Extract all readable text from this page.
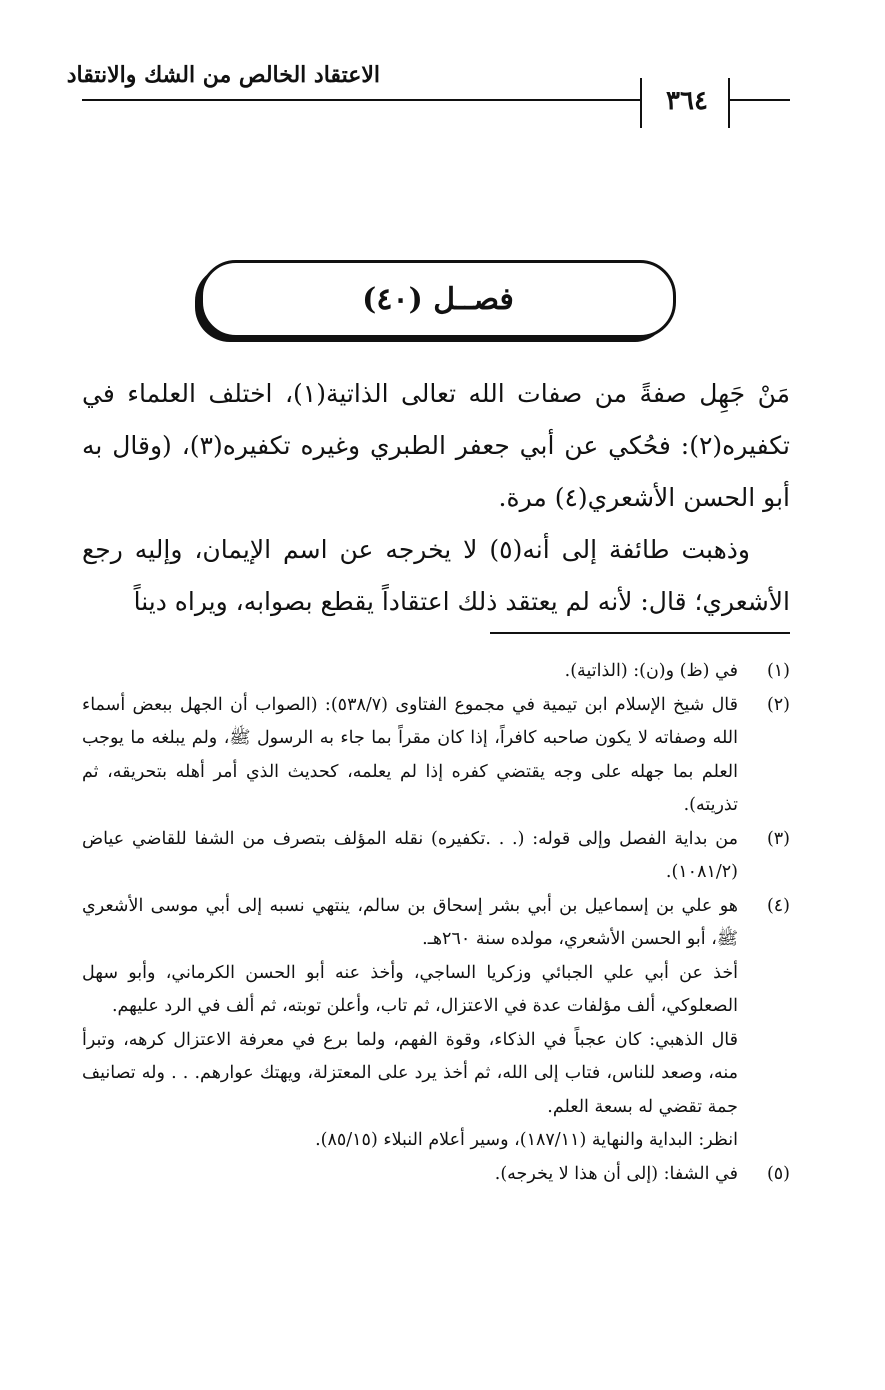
الاعتقاد الخالص من الشك والانتقاد
٣٦٤
فصــل (٤٠)

مَنْ جَهِل صفةً من صفات الله تعالى الذاتية(١)، اختلف العلماء في تكفيره(٢): فحُكي عن أبي جعفر الطبري وغيره تكفيره(٣)، (وقال به أبو الحسن الأشعري(٤) مرة.

وذهبت طائفة إلى أنه(٥) لا يخرجه عن اسم الإيمان، وإليه رجع الأشعري؛ قال: لأنه لم يعتقد ذلك اعتقاداً يقطع بصوابه، ويراه ديناً

(١)

في (ظ) و(ن): (الذاتية).

(٢)

قال شيخ الإسلام ابن تيمية في مجموع الفتاوى (٥٣٨/٧): (الصواب أن الجهل ببعض أسماء الله وصفاته لا يكون صاحبه كافراً، إذا كان مقراً بما جاء به الرسول ﷺ، ولم يبلغه ما يوجب العلم بما جهله على وجه يقتضي كفره إذا لم يعلمه، كحديث الذي أمر أهله بتحريقه، ثم تذريته).

(٣)

من بداية الفصل وإلى قوله: (. . .تكفيره) نقله المؤلف بتصرف من الشفا للقاضي عياض (١٠٨١/٢).

(٤)

هو علي بن إسماعيل بن أبي بشر إسحاق بن سالم، ينتهي نسبه إلى أبي موسى الأشعري ﷺ، أبو الحسن الأشعري، مولده سنة ٢٦٠هـ.

أخذ عن أبي علي الجبائي وزكريا الساجي، وأخذ عنه أبو الحسن الكرماني، وأبو سهل الصعلوكي، ألف مؤلفات عدة في الاعتزال، ثم تاب، وأعلن توبته، ثم ألف في الرد عليهم.

قال الذهبي: كان عجباً في الذكاء، وقوة الفهم، ولما برع في معرفة الاعتزال كرهه، وتبرأ منه، وصعد للناس، فتاب إلى الله، ثم أخذ يرد على المعتزلة، ويهتك عوارهم. . . وله تصانيف جمة تقضي له بسعة العلم.

انظر: البداية والنهاية (١٨٧/١١)، وسير أعلام النبلاء (٨٥/١٥).

(٥)

في الشفا: (إلى أن هذا لا يخرجه).
